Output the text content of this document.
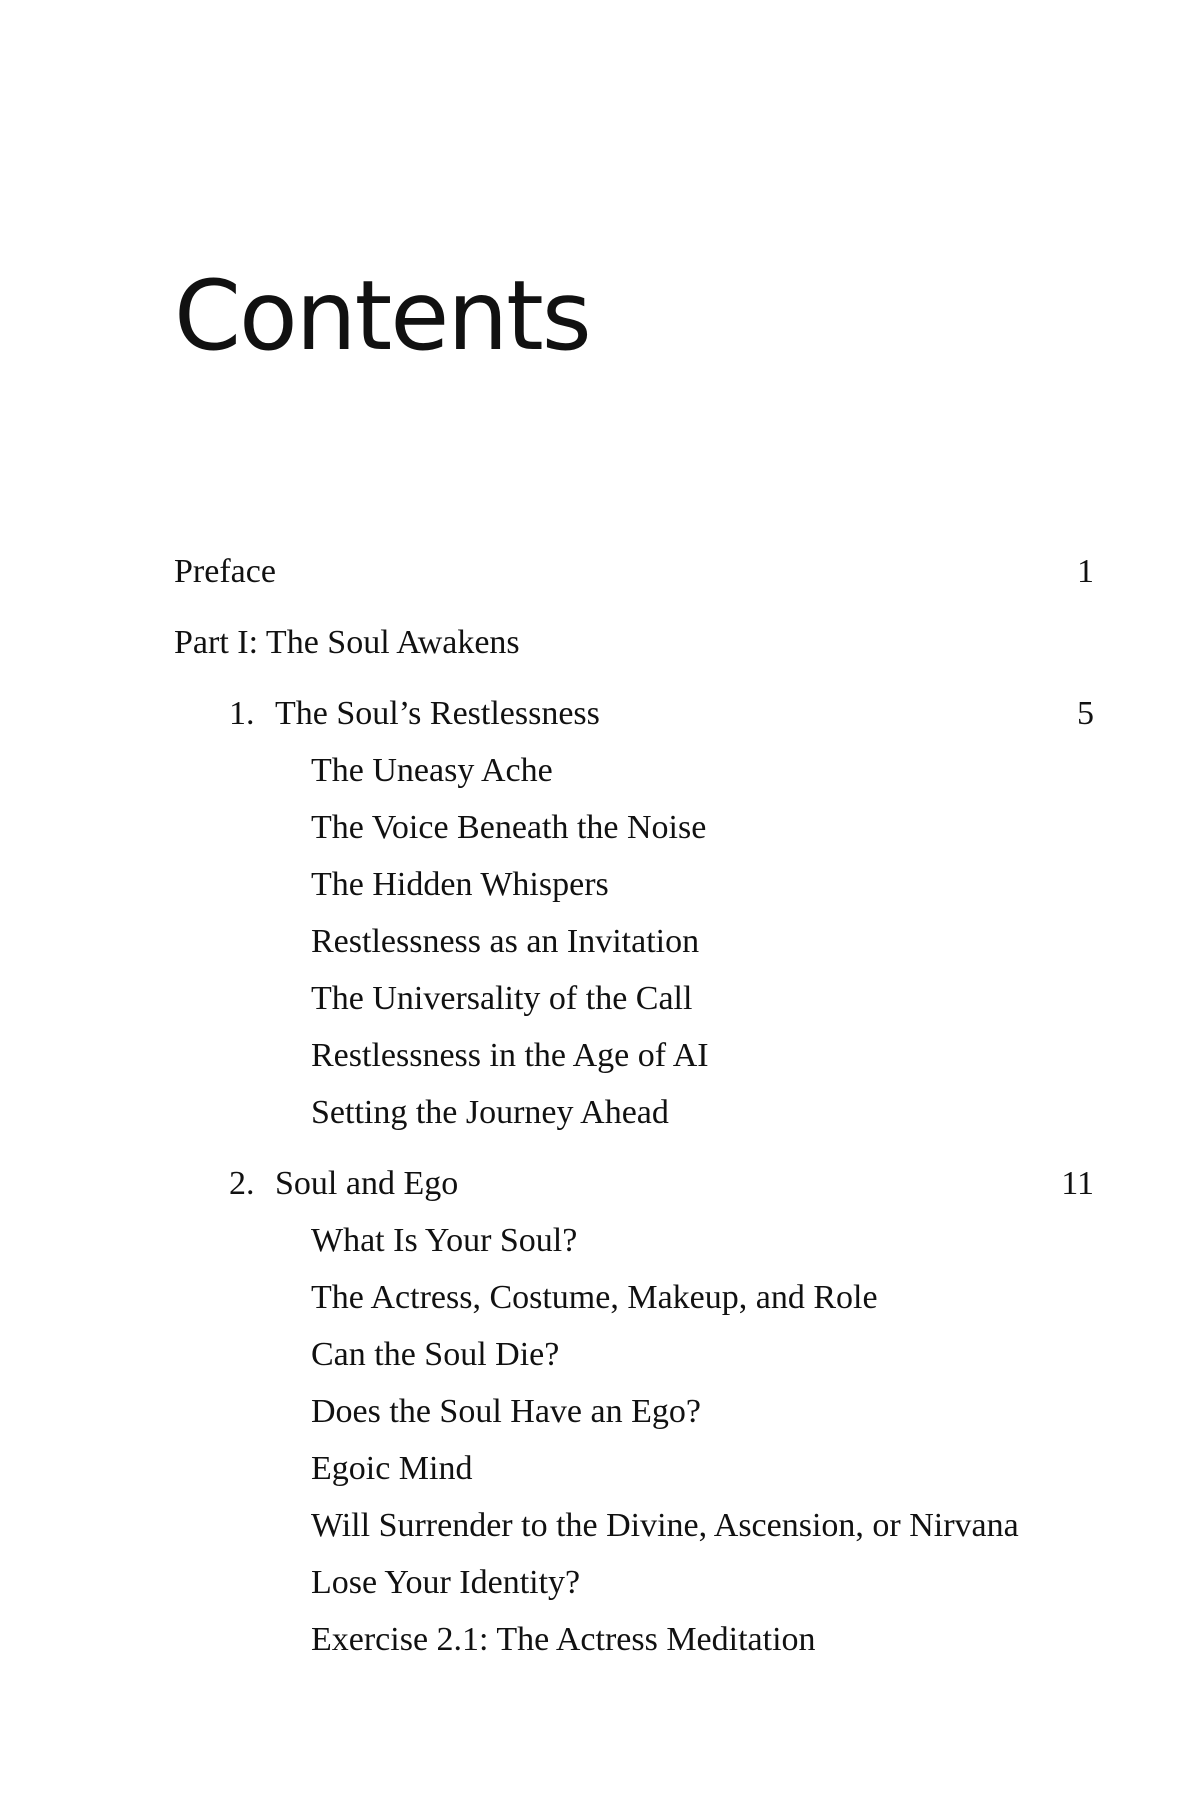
Contents
Preface	1
Part I: The Soul Awakens
1. The Soul’s Restlessness	5
The Uneasy Ache
The Voice Beneath the Noise
The Hidden Whispers
Restlessness as an Invitation
The Universality of the Call
Restlessness in the Age of AI
Setting the Journey Ahead
2. Soul and Ego	11
What Is Your Soul?
The Actress, Costume, Makeup, and Role
Can the Soul Die?
Does the Soul Have an Ego?
Egoic Mind
Will Surrender to the Divine, Ascension, or Nirvana
Lose Your Identity?
Exercise 2.1: The Actress Meditation
